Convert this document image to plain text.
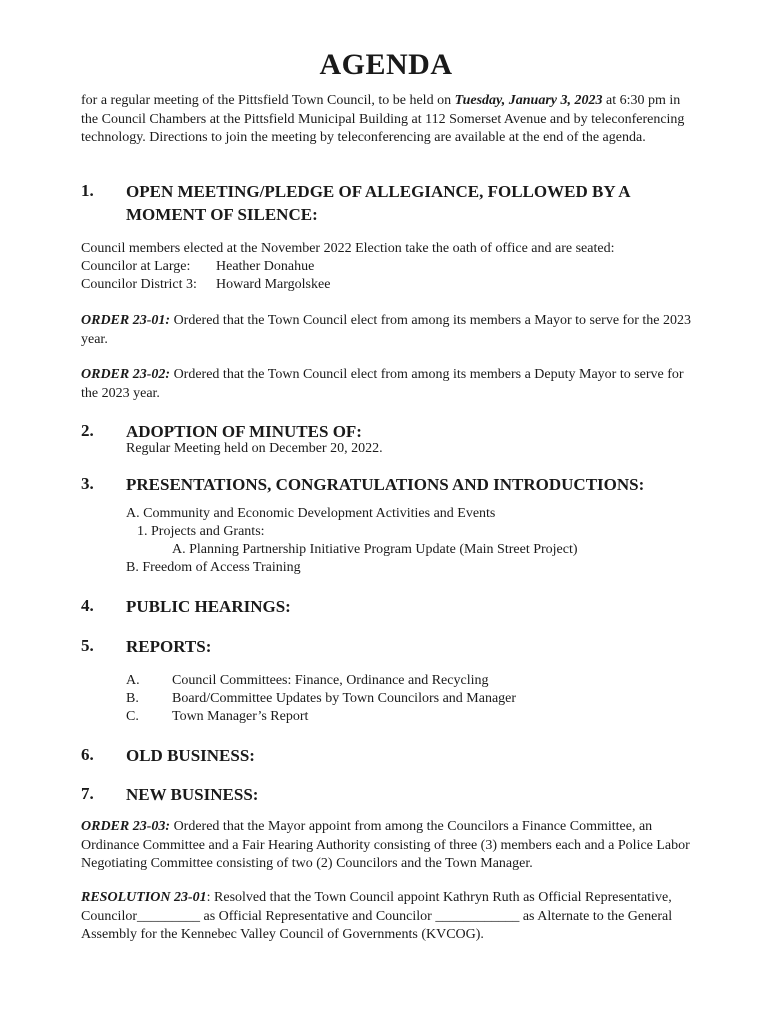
AGENDA

for a regular meeting of the Pittsfield Town Council, to be held on Tuesday, January 3, 2023 at 6:30 pm in the Council Chambers at the Pittsfield Municipal Building at 112 Somerset Avenue and by teleconferencing technology. Directions to join the meeting by teleconferencing are available at the end of the agenda.

1. OPEN MEETING/PLEDGE OF ALLEGIANCE, FOLLOWED BY A MOMENT OF SILENCE:

Council members elected at the November 2022 Election take the oath of office and are seated:

Councilor at Large: Heather Donahue
Councilor District 3: Howard Margolskee

ORDER 23-01: Ordered that the Town Council elect from among its members a Mayor to serve for the 2023 year.

ORDER 23-02: Ordered that the Town Council elect from among its members a Deputy Mayor to serve for the 2023 year.

2. ADOPTION OF MINUTES OF:
Regular Meeting held on December 20, 2022.
3. PRESENTATIONS, CONGRATULATIONS AND INTRODUCTIONS:
A. Community and Economic Development Activities and Events
1. Projects and Grants:
A. Planning Partnership Initiative Program Update (Main Street Project)
B. Freedom of Access Training
4. PUBLIC HEARINGS:
5. REPORTS:
A. Council Committees: Finance, Ordinance and Recycling
B. Board/Committee Updates by Town Councilors and Manager
C. Town Manager’s Report
6. OLD BUSINESS:
7. NEW BUSINESS:

ORDER 23-03: Ordered that the Mayor appoint from among the Councilors a Finance Committee, an Ordinance Committee and a Fair Hearing Authority consisting of three (3) members each and a Police Labor Negotiating Committee consisting of two (2) Councilors and the Town Manager.

RESOLUTION 23-01: Resolved that the Town Council appoint Kathryn Ruth as Official Representative, Councilor_________ as Official Representative and Councilor ____________ as Alternate to the General Assembly for the Kennebec Valley Council of Governments (KVCOG).
